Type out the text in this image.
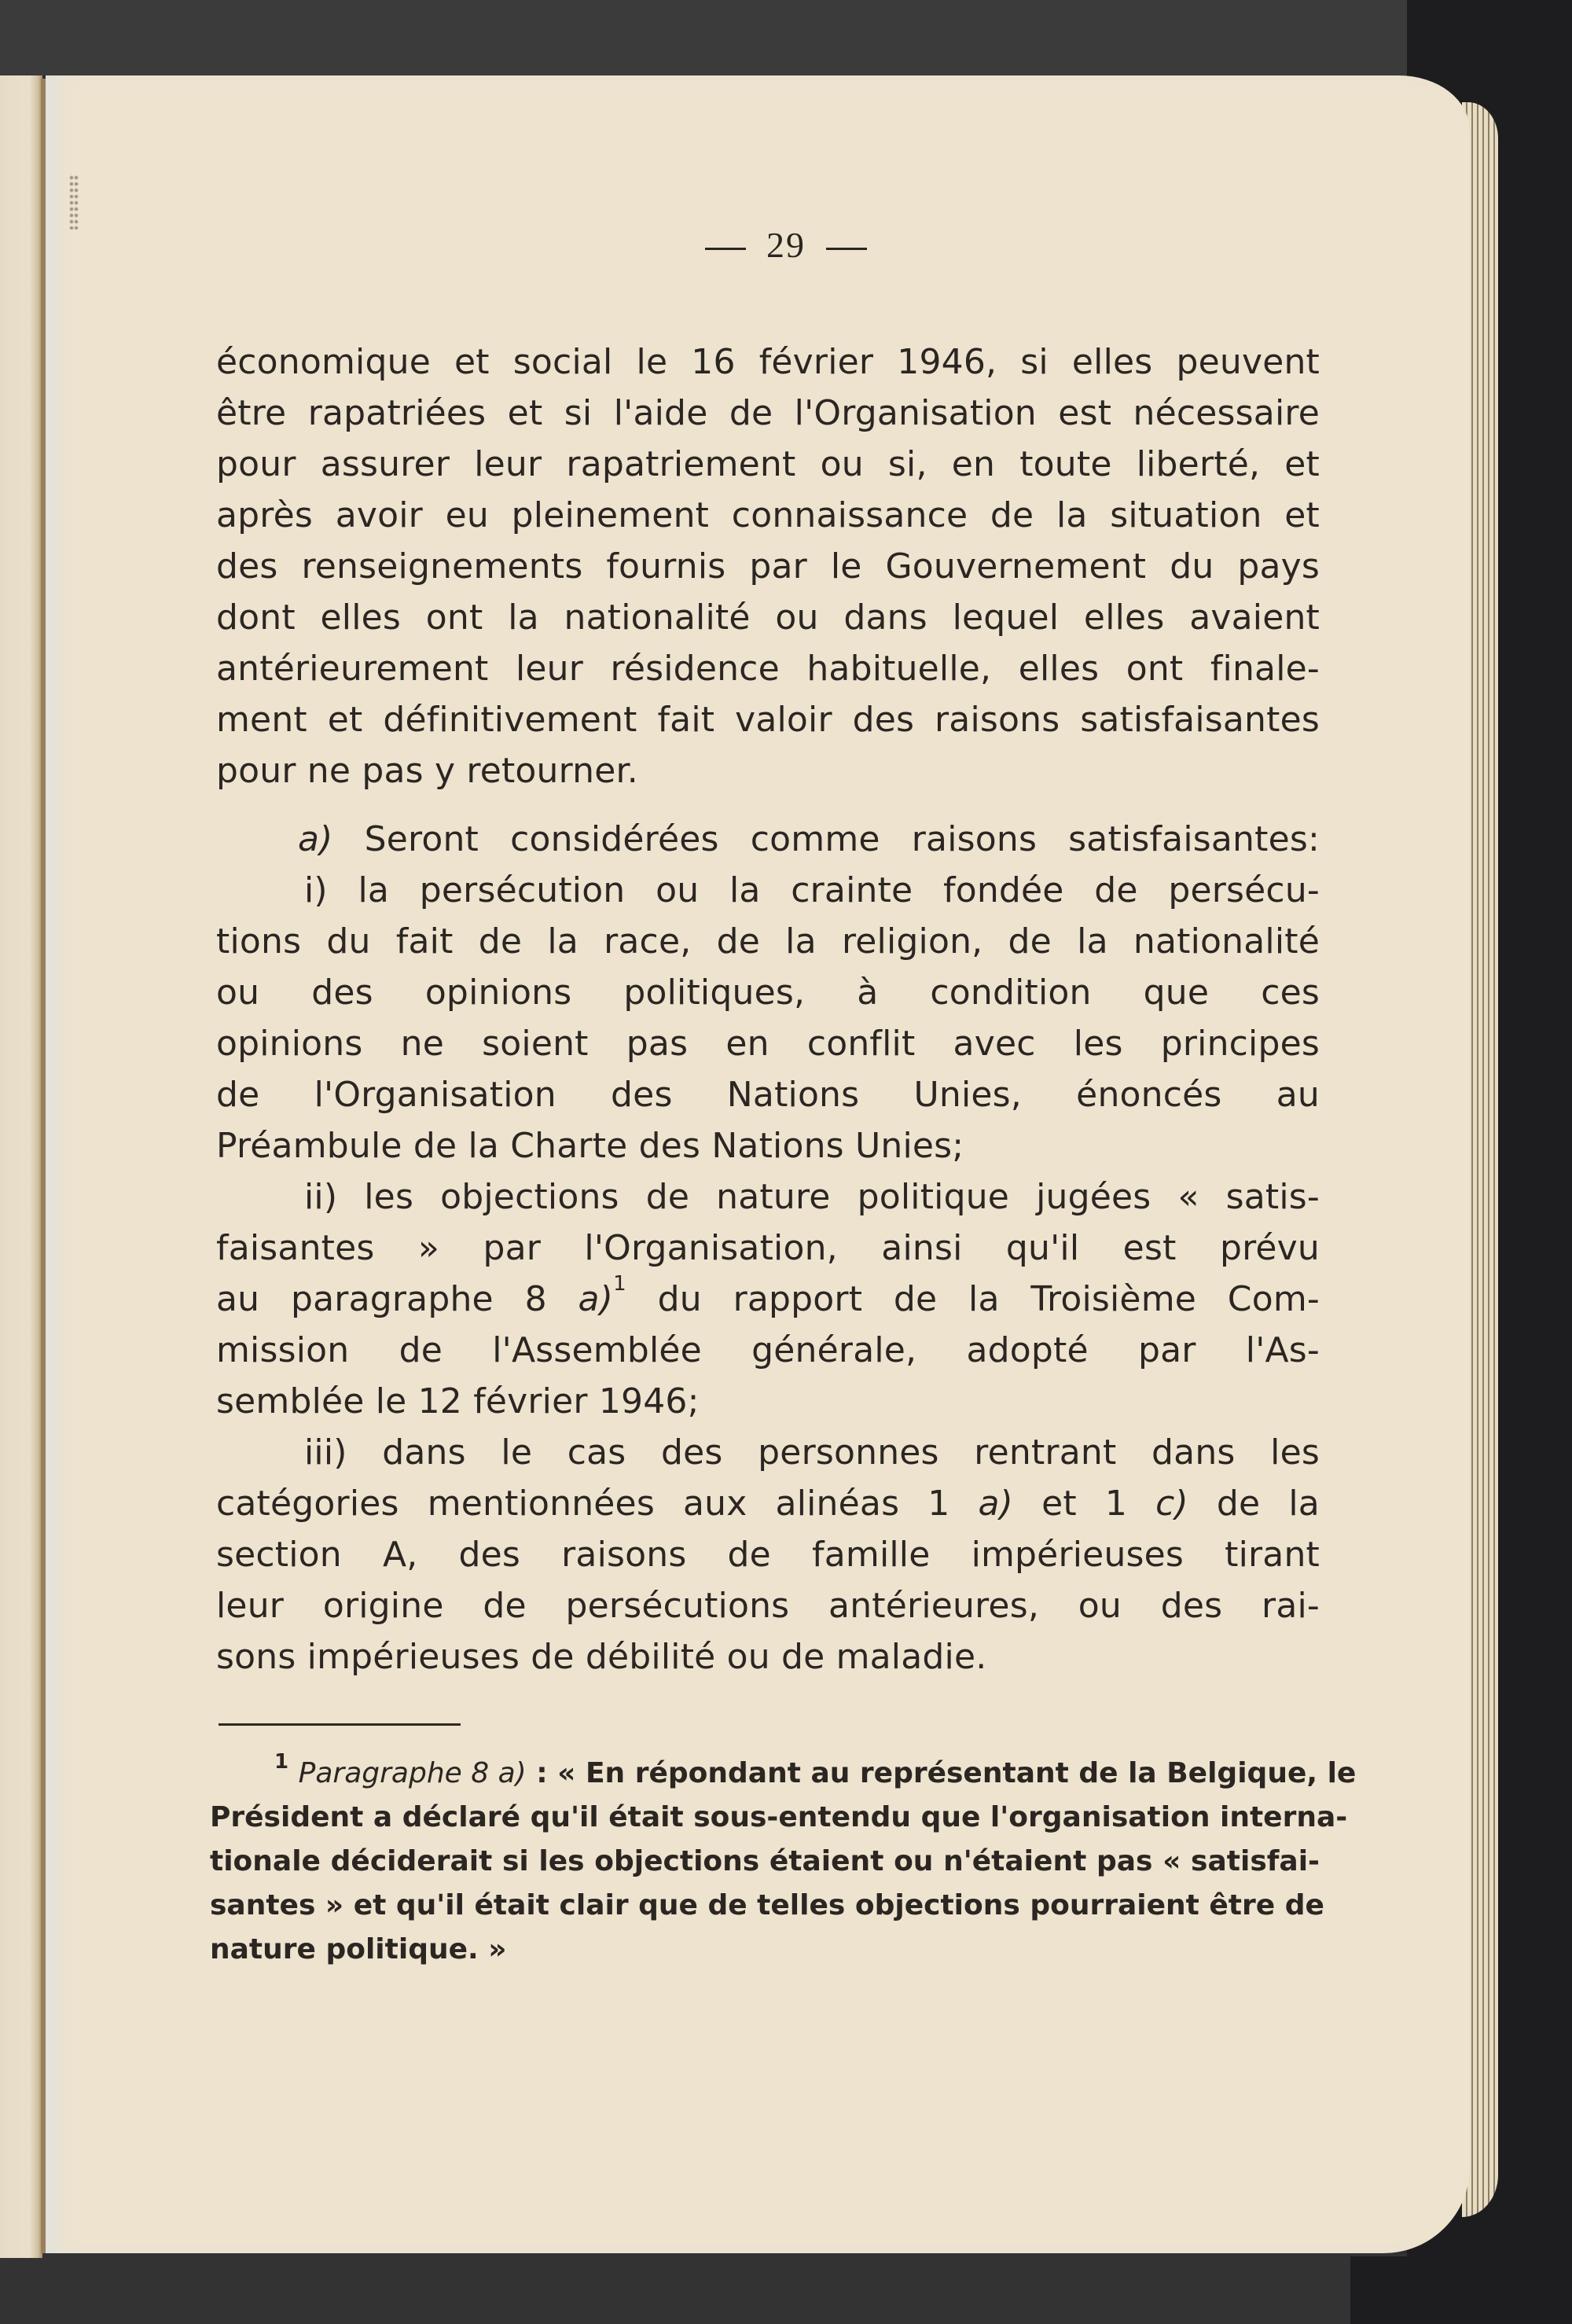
29
économique et social le 16 février 1946, si elles peuvent
être rapatriées et si l'aide de l'Organisation est nécessaire
pour assurer leur rapatriement ou si, en toute liberté, et
après avoir eu pleinement connaissance de la situation et
des renseignements fournis par le Gouvernement du pays
dont elles ont la nationalité ou dans lequel elles avaient
antérieurement leur résidence habituelle, elles ont finale-
ment et définitivement fait valoir des raisons satisfaisantes
pour ne pas y retourner.
a) Seront considérées comme raisons satisfaisantes:
i) la persécution ou la crainte fondée de persécu-
tions du fait de la race, de la religion, de la nationalité
ou des opinions politiques, à condition que ces
opinions ne soient pas en conflit avec les principes
de l'Organisation des Nations Unies, énoncés au
Préambule de la Charte des Nations Unies;
ii) les objections de nature politique jugées « satis-
faisantes » par l'Organisation, ainsi qu'il est prévu
au paragraphe 8 a)$^1$ du rapport de la Troisième Com-
mission de l'Assemblée générale, adopté par l'As-
semblée le 12 février 1946;
iii) dans le cas des personnes rentrant dans les
catégories mentionnées aux alinéas 1 a) et 1 c) de la
section A, des raisons de famille impérieuses tirant
leur origine de persécutions antérieures, ou des rai-
sons impérieuses de débilité ou de maladie.
$^1$ Paragraphe 8 a) : « En répondant au représentant de la Belgique, le
Président a déclaré qu'il était sous-entendu que l'organisation interna-
tionale déciderait si les objections étaient ou n'étaient pas « satisfai-
santes » et qu'il était clair que de telles objections pourraient être de
nature politique. »
